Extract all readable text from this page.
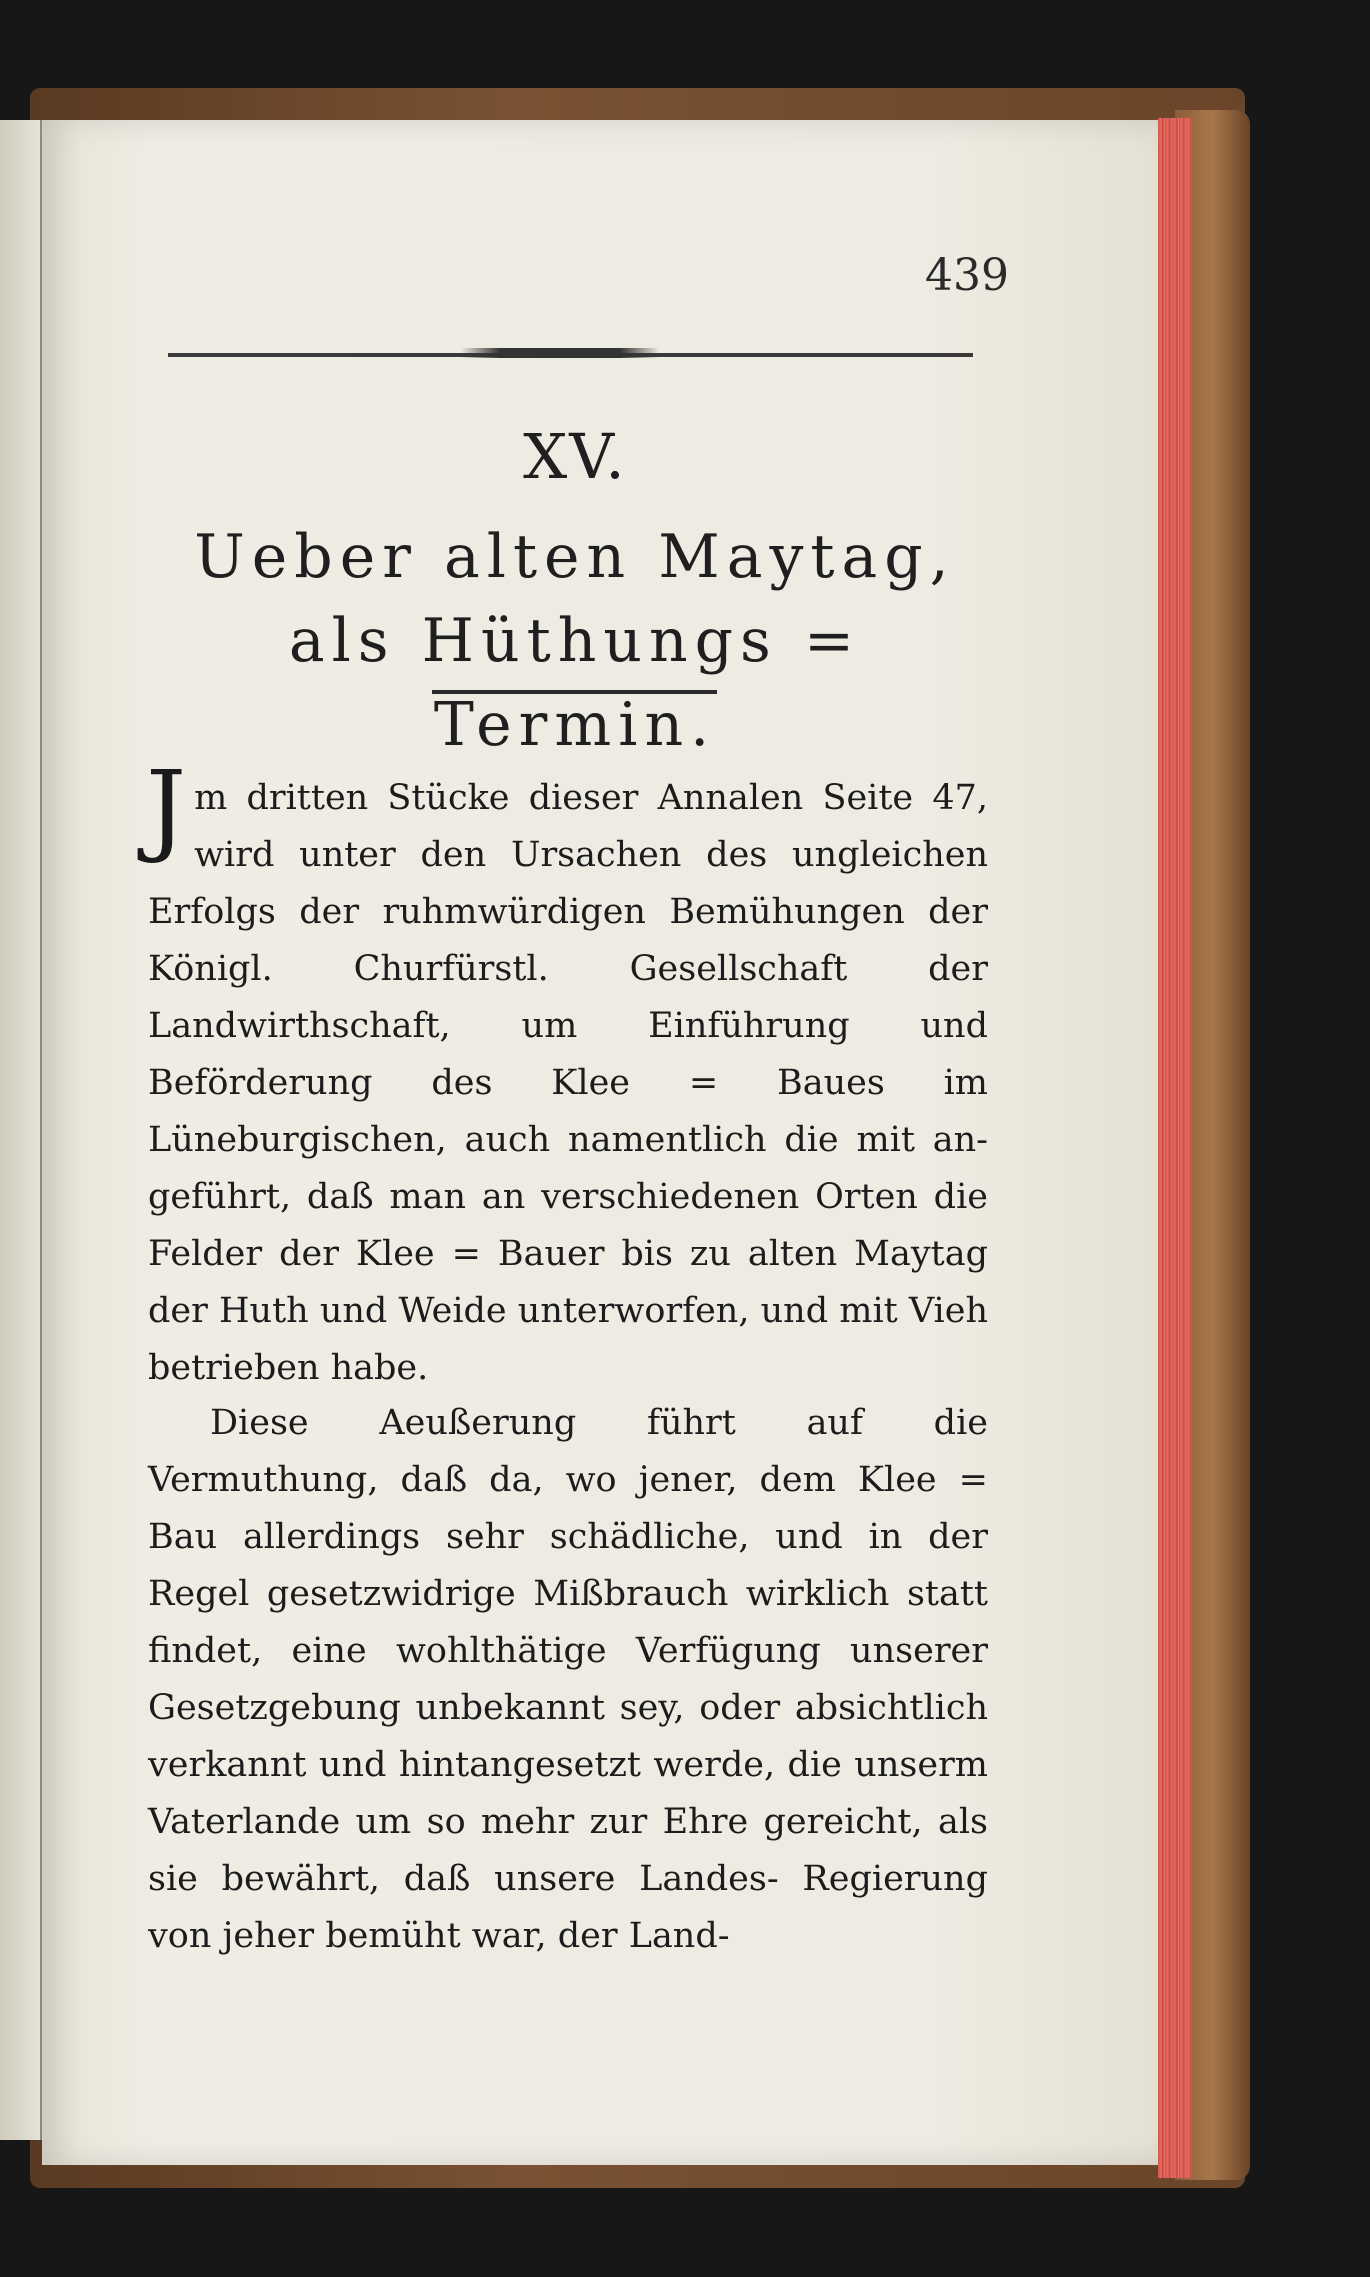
439
XV.
Ueber alten Maytag, als Hüthungs = Termin.
Jm dritten Stücke dieser Annalen Seite 47, wird unter den Ursachen des ungleichen Erfolgs der ruhmwürdigen Bemühungen der Königl. Churfürstl. Gesellschaft der Landwirthschaft, um Einführung und Beförderung des Klee = Baues im Lüneburgischen, auch namentlich die mit an- geführt, daß man an verschiedenen Orten die Felder der Klee = Bauer bis zu alten Maytag der Huth und Weide unterworfen, und mit Vieh betrieben habe.
Diese Aeußerung führt auf die Vermuthung, daß da, wo jener, dem Klee = Bau allerdings sehr schädliche, und in der Regel gesetzwidrige Mißbrauch wirklich statt findet, eine wohlthätige Verfügung unserer Gesetzgebung unbekannt sey, oder absichtlich verkannt und hintangesetzt werde, die unserm Vaterlande um so mehr zur Ehre gereicht, als sie bewährt, daß unsere Landes- Regierung von jeher bemüht war, der Land-
